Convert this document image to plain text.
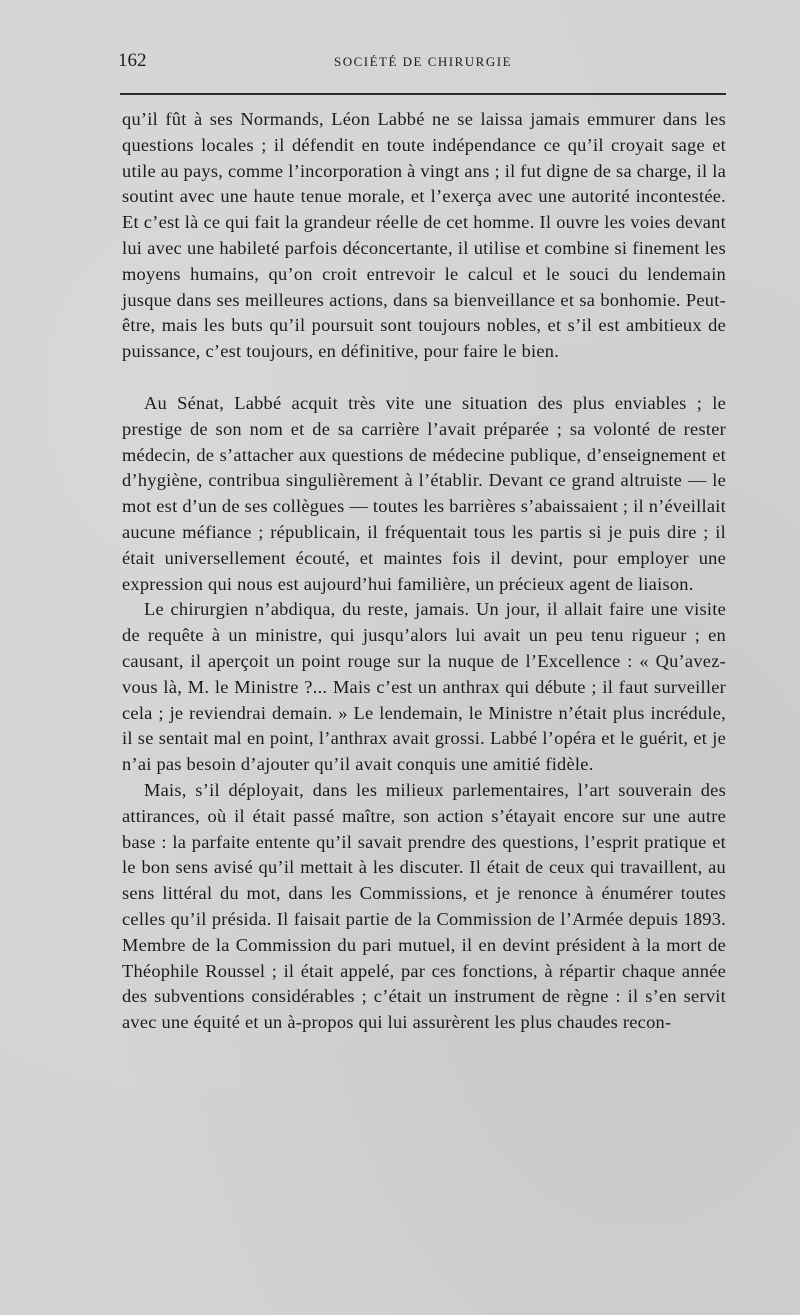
162	SOCIÉTÉ DE CHIRURGIE

qu’il fût à ses Normands, Léon Labbé ne se laissa jamais emmurer dans les questions locales ; il défendit en toute indépendance ce qu’il croyait sage et utile au pays, comme l’incorporation à vingt ans ; il fut digne de sa charge, il la soutint avec une haute tenue morale, et l’exerça avec une autorité incontestée. Et c’est là ce qui fait la grandeur réelle de cet homme. Il ouvre les voies devant lui avec une habileté parfois déconcertante, il utilise et combine si finement les moyens humains, qu’on croit entrevoir le calcul et le souci du lendemain jusque dans ses meilleures actions, dans sa bienveillance et sa bonhomie. Peut-être, mais les buts qu’il poursuit sont toujours nobles, et s’il est ambitieux de puissance, c’est toujours, en définitive, pour faire le bien.

Au Sénat, Labbé acquit très vite une situation des plus enviables ; le prestige de son nom et de sa carrière l’avait préparée ; sa volonté de rester médecin, de s’attacher aux questions de médecine publique, d’enseignement et d’hygiène, contribua singulièrement à l’établir. Devant ce grand altruiste — le mot est d’un de ses collègues — toutes les barrières s’abaissaient ; il n’éveillait aucune méfiance ; républicain, il fréquentait tous les partis si je puis dire ; il était universellement écouté, et maintes fois il devint, pour employer une expression qui nous est aujourd’hui familière, un précieux agent de liaison.

Le chirurgien n’abdiqua, du reste, jamais. Un jour, il allait faire une visite de requête à un ministre, qui jusqu’alors lui avait un peu tenu rigueur ; en causant, il aperçoit un point rouge sur la nuque de l’Excellence : « Qu’avez-vous là, M. le Ministre ?... Mais c’est un anthrax qui débute ; il faut surveiller cela ; je reviendrai demain. » Le lendemain, le Ministre n’était plus incrédule, il se sentait mal en point, l’anthrax avait grossi. Labbé l’opéra et le guérit, et je n’ai pas besoin d’ajouter qu’il avait conquis une amitié fidèle.

Mais, s’il déployait, dans les milieux parlementaires, l’art souverain des attirances, où il était passé maître, son action s’étayait encore sur une autre base : la parfaite entente qu’il savait prendre des questions, l’esprit pratique et le bon sens avisé qu’il mettait à les discuter. Il était de ceux qui travaillent, au sens littéral du mot, dans les Commissions, et je renonce à énumérer toutes celles qu’il présida. Il faisait partie de la Commission de l’Armée depuis 1893. Membre de la Commission du pari mutuel, il en devint président à la mort de Théophile Roussel ; il était appelé, par ces fonctions, à répartir chaque année des subventions considérables ; c’était un instrument de règne : il s’en servit avec une équité et un à-propos qui lui assurèrent les plus chaudes recon-
